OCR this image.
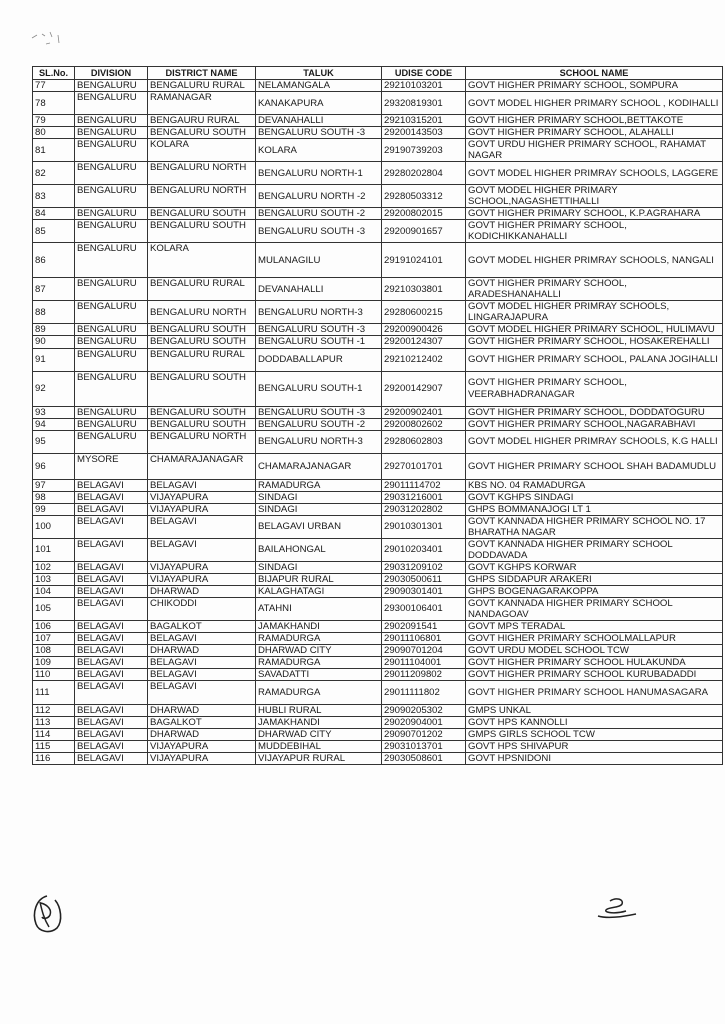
SL.No.	DIVISION	DISTRICT NAME	TALUK	UDISE CODE	SCHOOL NAME
77	BENGALURU	BENGALURU RURAL	NELAMANGALA	29210103201	GOVT HIGHER PRIMARY SCHOOL, SOMPURA
78	BENGALURU	RAMANAGAR	KANAKAPURA	29320819301	GOVT MODEL HIGHER PRIMARY SCHOOL , KODIHALLI
79	BENGALURU	BENGAURU RURAL	DEVANAHALLI	29210315201	GOVT HIGHER PRIMARY SCHOOL,BETTAKOTE
80	BENGALURU	BENGALURU SOUTH	BENGALURU SOUTH -3	29200143503	GOVT HIGHER PRIMARY SCHOOL, ALAHALLI
81	BENGALURU	KOLARA	KOLARA	29190739203	GOVT URDU HIGHER PRIMARY SCHOOL, RAHAMAT NAGAR
82	BENGALURU	BENGALURU NORTH	BENGALURU NORTH-1	29280202804	GOVT MODEL HIGHER PRIMRAY SCHOOLS, LAGGERE
83	BENGALURU	BENGALURU NORTH	BENGALURU NORTH -2	29280503312	GOVT MODEL HIGHER PRIMARY SCHOOL,NAGASHETTIHALLI
84	BENGALURU	BENGALURU SOUTH	BENGALURU SOUTH -2	29200802015	GOVT HIGHER PRIMARY SCHOOL, K.P.AGRAHARA
85	BENGALURU	BENGALURU SOUTH	BENGALURU SOUTH -3	29200901657	GOVT HIGHER PRIMARY SCHOOL, KODICHIKKANAHALLI
86	BENGALURU	KOLARA	MULANAGILU	29191024101	GOVT MODEL HIGHER PRIMRAY SCHOOLS, NANGALI
87	BENGALURU	BENGALURU RURAL	DEVANAHALLI	29210303801	GOVT HIGHER PRIMARY SCHOOL, ARADESHANAHALLI
88	BENGALURU	BENGALURU NORTH	BENGALURU NORTH-3	29280600215	GOVT MODEL HIGHER PRIMRAY SCHOOLS, LINGARAJAPURA
89	BENGALURU	BENGALURU SOUTH	BENGALURU SOUTH -3	29200900426	GOVT MODEL HIGHER PRIMARY SCHOOL, HULIMAVU
90	BENGALURU	BENGALURU SOUTH	BENGALURU SOUTH -1	29200124307	GOVT HIGHER PRIMARY SCHOOL, HOSAKEREHALLI
91	BENGALURU	BENGALURU RURAL	DODDABALLAPUR	29210212402	GOVT HIGHER PRIMARY SCHOOL, PALANA JOGIHALLI
92	BENGALURU	BENGALURU SOUTH	BENGALURU SOUTH-1	29200142907	GOVT HIGHER PRIMARY SCHOOL, VEERABHADRANAGAR
93	BENGALURU	BENGALURU SOUTH	BENGALURU SOUTH -3	29200902401	GOVT HIGHER PRIMARY SCHOOL, DODDATOGURU
94	BENGALURU	BENGALURU SOUTH	BENGALURU SOUTH -2	29200802602	GOVT HIGHER PRIMARY SCHOOL,NAGARABHAVI
95	BENGALURU	BENGALURU NORTH	BENGALURU NORTH-3	29280602803	GOVT MODEL HIGHER PRIMRAY SCHOOLS, K.G HALLI
96	MYSORE	CHAMARAJANAGAR	CHAMARAJANAGAR	29270101701	GOVT HIGHER PRIMARY SCHOOL SHAH BADAMUDLU
97	BELAGAVI	BELAGAVI	RAMADURGA	29011114702	KBS NO. 04 RAMADURGA
98	BELAGAVI	VIJAYAPURA	SINDAGI	29031216001	GOVT KGHPS SINDAGI
99	BELAGAVI	VIJAYAPURA	SINDAGI	29031202802	GHPS BOMMANAJOGI LT 1
100	BELAGAVI	BELAGAVI	BELAGAVI URBAN	29010301301	GOVT KANNADA HIGHER PRIMARY SCHOOL NO. 17 BHARATHA NAGAR
101	BELAGAVI	BELAGAVI	BAILAHONGAL	29010203401	GOVT KANNADA HIGHER PRIMARY SCHOOL DODDAVADA
102	BELAGAVI	VIJAYAPURA	SINDAGI	29031209102	GOVT KGHPS KORWAR
103	BELAGAVI	VIJAYAPURA	BIJAPUR RURAL	29030500611	GHPS SIDDAPUR ARAKERI
104	BELAGAVI	DHARWAD	KALAGHATAGI	29090301401	GHPS BOGENAGARAKOPPA
105	BELAGAVI	CHIKODDI	ATAHNI	29300106401	GOVT KANNADA HIGHER PRIMARY SCHOOL NANDAGOAV
106	BELAGAVI	BAGALKOT	JAMAKHANDI	2902091541	GOVT MPS TERADAL
107	BELAGAVI	BELAGAVI	RAMADURGA	29011106801	GOVT HIGHER PRIMARY SCHOOLMALLAPUR
108	BELAGAVI	DHARWAD	DHARWAD CITY	29090701204	GOVT URDU MODEL SCHOOL TCW
109	BELAGAVI	BELAGAVI	RAMADURGA	29011104001	GOVT HIGHER PRIMARY SCHOOL HULAKUNDA
110	BELAGAVI	BELAGAVI	SAVADATTI	29011209802	GOVT HIGHER PRIMARY SCHOOL KURUBADADDI
111	BELAGAVI	BELAGAVI	RAMADURGA	29011111802	GOVT HIGHER PRIMARY SCHOOL HANUMASAGARA
112	BELAGAVI	DHARWAD	HUBLI RURAL	29090205302	GMPS UNKAL
113	BELAGAVI	BAGALKOT	JAMAKHANDI	29020904001	GOVT HPS KANNOLLI
114	BELAGAVI	DHARWAD	DHARWAD CITY	29090701202	GMPS GIRLS SCHOOL TCW
115	BELAGAVI	VIJAYAPURA	MUDDEBIHAL	29031013701	GOVT HPS SHIVAPUR
116	BELAGAVI	VIJAYAPURA	VIJAYAPUR RURAL	29030508601	GOVT HPSNIDONI
